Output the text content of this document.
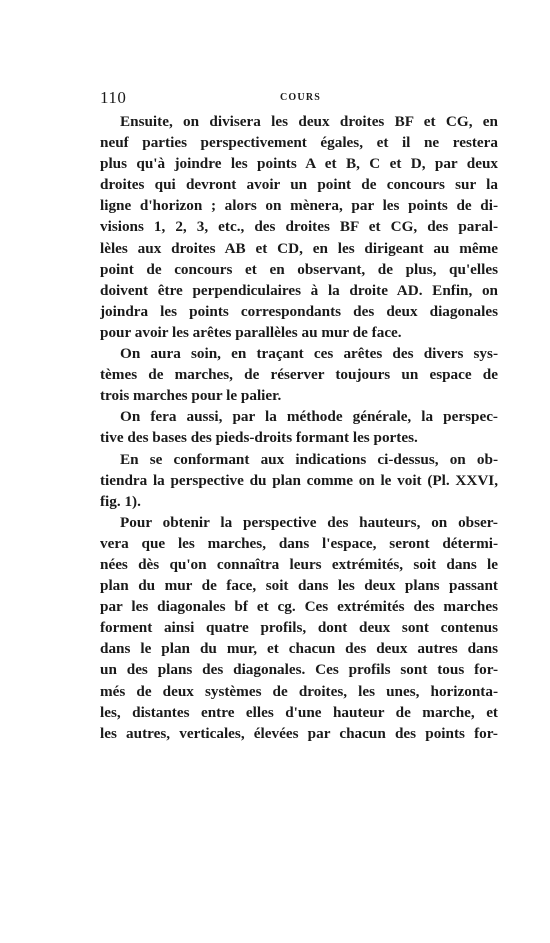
110	COURS
Ensuite, on divisera les deux droites BF et CG, en
neuf parties perspectivement égales, et il ne restera
plus qu'à joindre les points A et B, C et D, par deux
droites qui devront avoir un point de concours sur la
ligne d'horizon ; alors on mènera, par les points de di-
visions 1, 2, 3, etc., des droites BF et CG, des paral-
lèles aux droites AB et CD, en les dirigeant au même
point de concours et en observant, de plus, qu'elles
doivent être perpendiculaires à la droite AD. Enfin, on
joindra les points correspondants des deux diagonales
pour avoir les arêtes parallèles au mur de face.
On aura soin, en traçant ces arêtes des divers sys-
tèmes de marches, de réserver toujours un espace de
trois marches pour le palier.
On fera aussi, par la méthode générale, la perspec-
tive des bases des pieds-droits formant les portes.
En se conformant aux indications ci-dessus, on ob-
tiendra la perspective du plan comme on le voit (Pl. XXVI,
fig. 1).
Pour obtenir la perspective des hauteurs, on obser-
vera que les marches, dans l'espace, seront détermi-
nées dès qu'on connaîtra leurs extrémités, soit dans le
plan du mur de face, soit dans les deux plans passant
par les diagonales bf et cg. Ces extrémités des marches
forment ainsi quatre profils, dont deux sont contenus
dans le plan du mur, et chacun des deux autres dans
un des plans des diagonales. Ces profils sont tous for-
més de deux systèmes de droites, les unes, horizonta-
les, distantes entre elles d'une hauteur de marche, et
les autres, verticales, élevées par chacun des points for-
